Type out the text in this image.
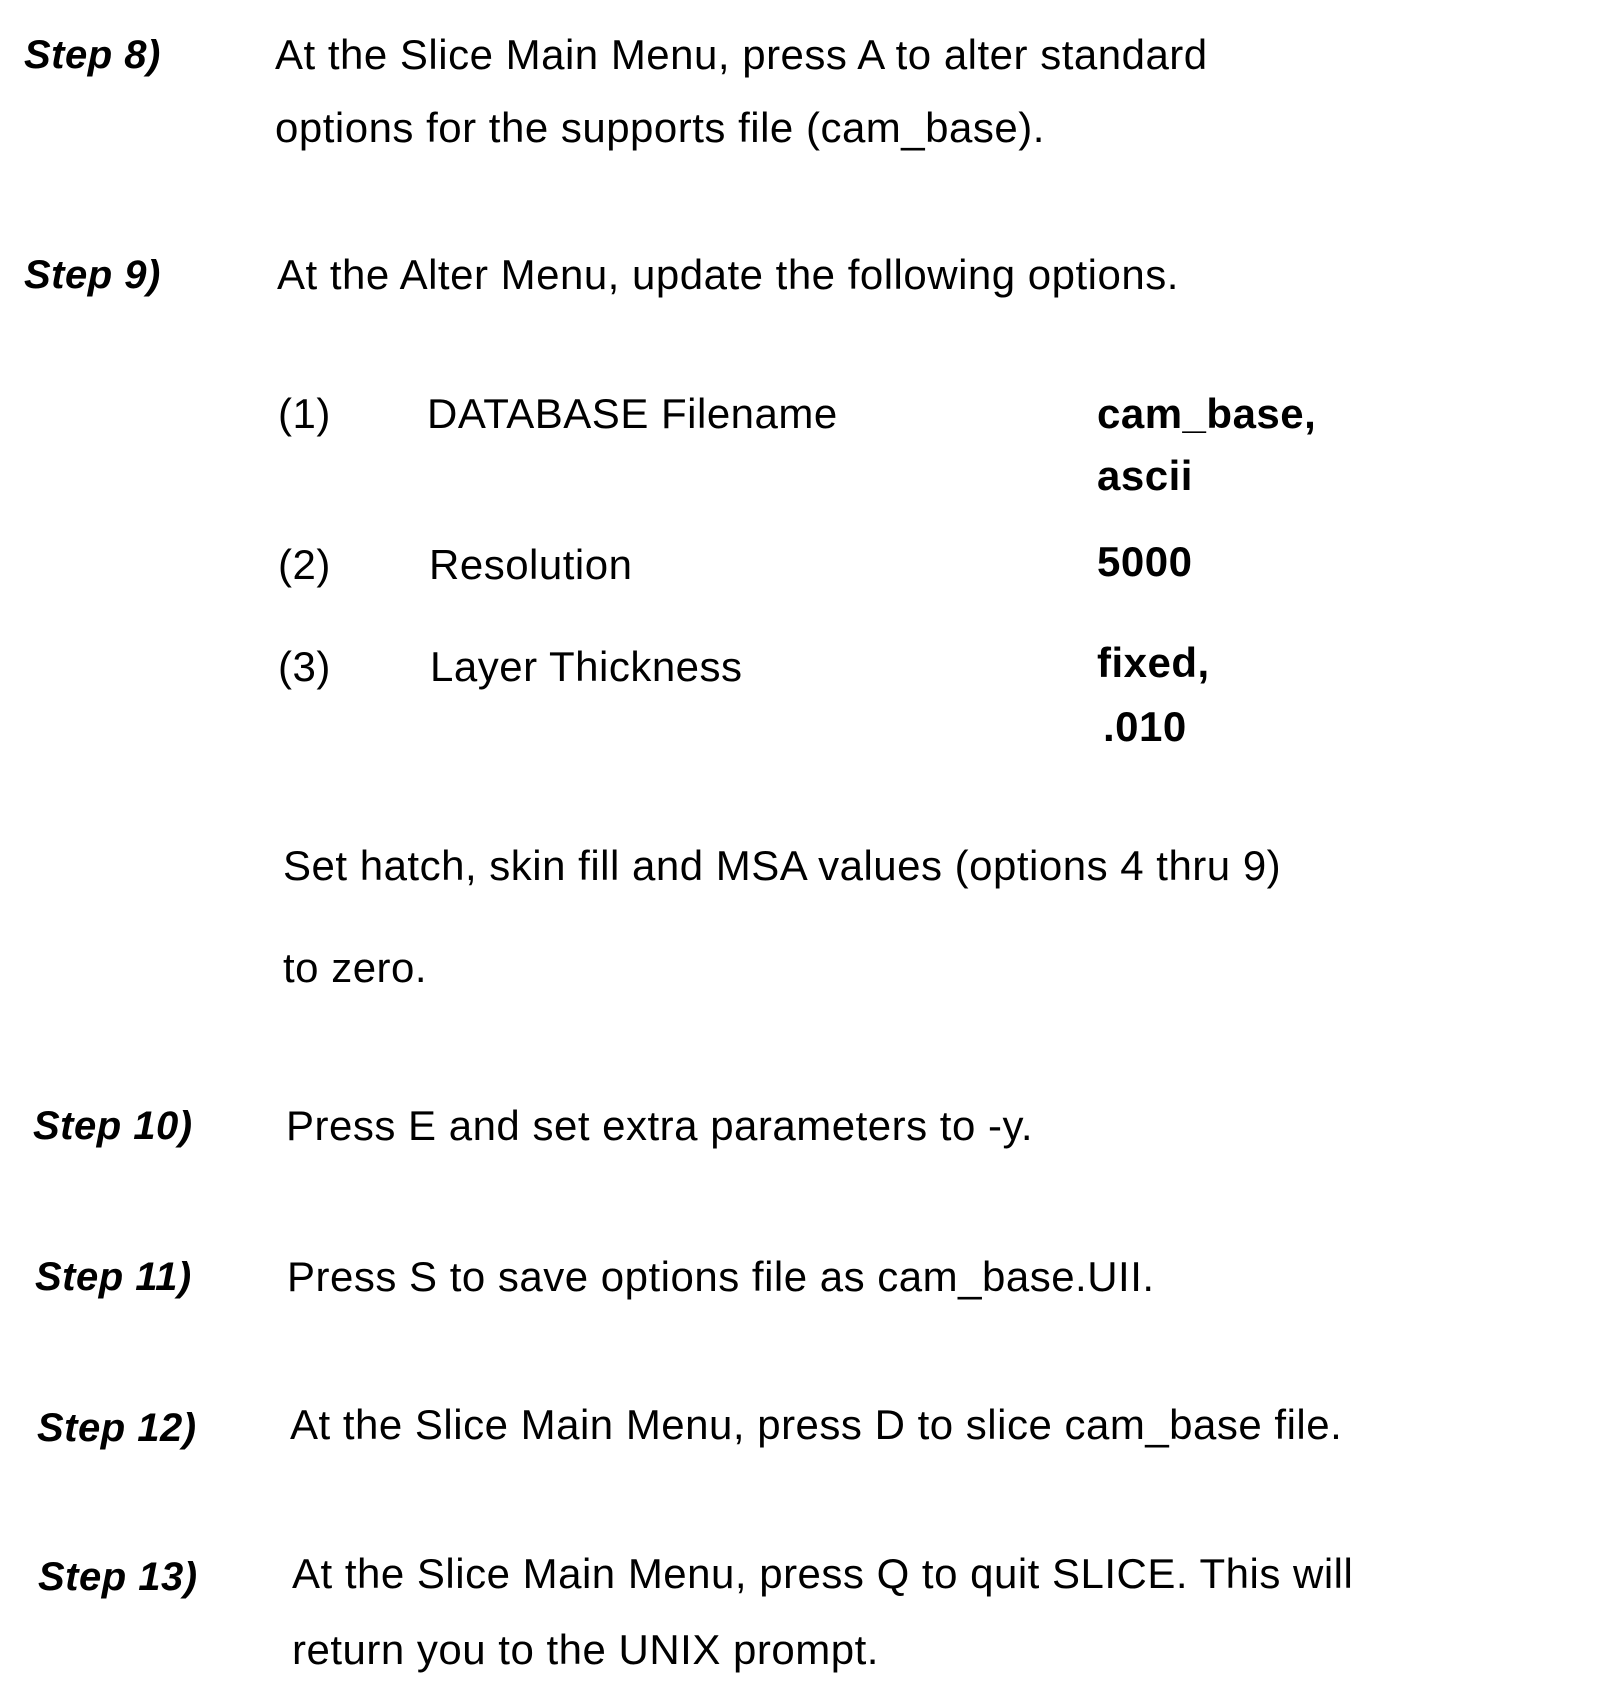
Step 8)	At the Slice Main Menu, press A to alter standard
options for the supports file (cam_base).
Step 9)	At the Alter Menu, update the following options.
(1) DATABASE Filename	cam_base,
ascii
(2) Resolution	5000
(3) Layer Thickness	fixed,
.010
Set hatch, skin fill and MSA values (options 4 thru 9)
to zero.
Step 10) Press E and set extra parameters to -y.
Step 11) Press S to save options file as cam_base.UII.
Step 12) At the Slice Main Menu, press D to slice cam_base file.
Step 13) At the Slice Main Menu, press Q to quit SLICE. This will
return you to the UNIX prompt.
